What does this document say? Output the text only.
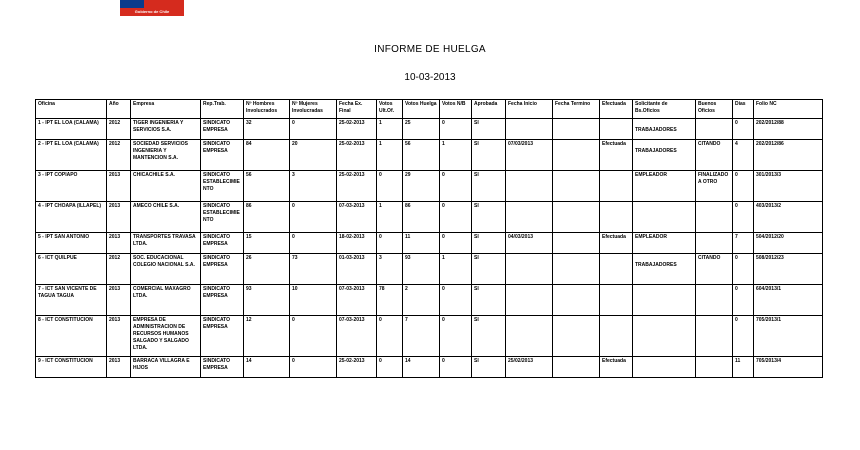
Gobierno de Chile
INFORME DE HUELGA
10-03-2013
Oficina	Año	Empresa	Rep.Trab.	Nº Hombres Involucrados	Nº Mujeres Involucradas	Fecha Ex. Final	Votos Ult.Of.	Votos Huelga	Votos N/B	Aprobada	Fecha Inicio	Fecha Termino	Efectuada	Solicitante de Bs.Oficios	Buenos Oficios	Días	Folio NC
1 - IPT EL LOA (CALAMA)	2012	TIGER INGENIERIA Y SERVICIOS S.A.	SINDICATO EMPRESA	32	0	25-02-2013	1	25	0	SI				TRABAJADORES		0	202/2012/88
2 - IPT EL LOA (CALAMA)	2012	SOCIEDAD SERVICIOS INGENIERIA Y MANTENCION S.A.	SINDICATO EMPRESA	84	20	25-02-2013	1	56	1	SI	07/03/2013		Efectuada	TRABAJADORES	CITANDO	4	202/2012/86
3 - IPT COPIAPO	2013	CHICACHILE S.A.	SINDICATO ESTABLECIMIENTO	56	3	25-02-2013	0	29	0	SI				EMPLEADOR	FINALIZADO A OTRO	0	301/2013/3
4 - IPT CHOAPA (ILLAPEL)	2013	AMECO CHILE S.A.	SINDICATO ESTABLECIMIENTO	86	0	07-03-2013	1	86	0	SI						0	403/2013/2
5 - IPT SAN ANTONIO	2013	TRANSPORTES TRAVASA LTDA.	SINDICATO EMPRESA	15	0	18-02-2013	0	11	0	SI	04/03/2013		Efectuada	EMPLEADOR		7	504/2012/20
6 - ICT QUILPUE	2012	SOC. EDUCACIONAL COLEGIO NACIONAL S.A.	SINDICATO EMPRESA	26	73	01-03-2013	3	93	1	SI				TRABAJADORES	CITANDO	0	508/2012/23
7 - ICT SAN VICENTE DE TAGUA TAGUA	2013	COMERCIAL MAXAGRO LTDA.	SINDICATO EMPRESA	93	10	07-03-2013	78	2	0	SI						0	604/2013/1
8 - ICT CONSTITUCION	2013	EMPRESA DE ADMINISTRACION DE RECURSOS HUMANOS SALGADO Y SALGADO LTDA.	SINDICATO EMPRESA	12	0	07-03-2013	0	7	0	SI						0	705/2013/1
9 - ICT CONSTITUCION	2013	BARRACA VILLAGRA E HIJOS	SINDICATO EMPRESA	14	0	25-02-2013	0	14	0	SI	25/02/2013		Efectuada			11	705/2013/4
